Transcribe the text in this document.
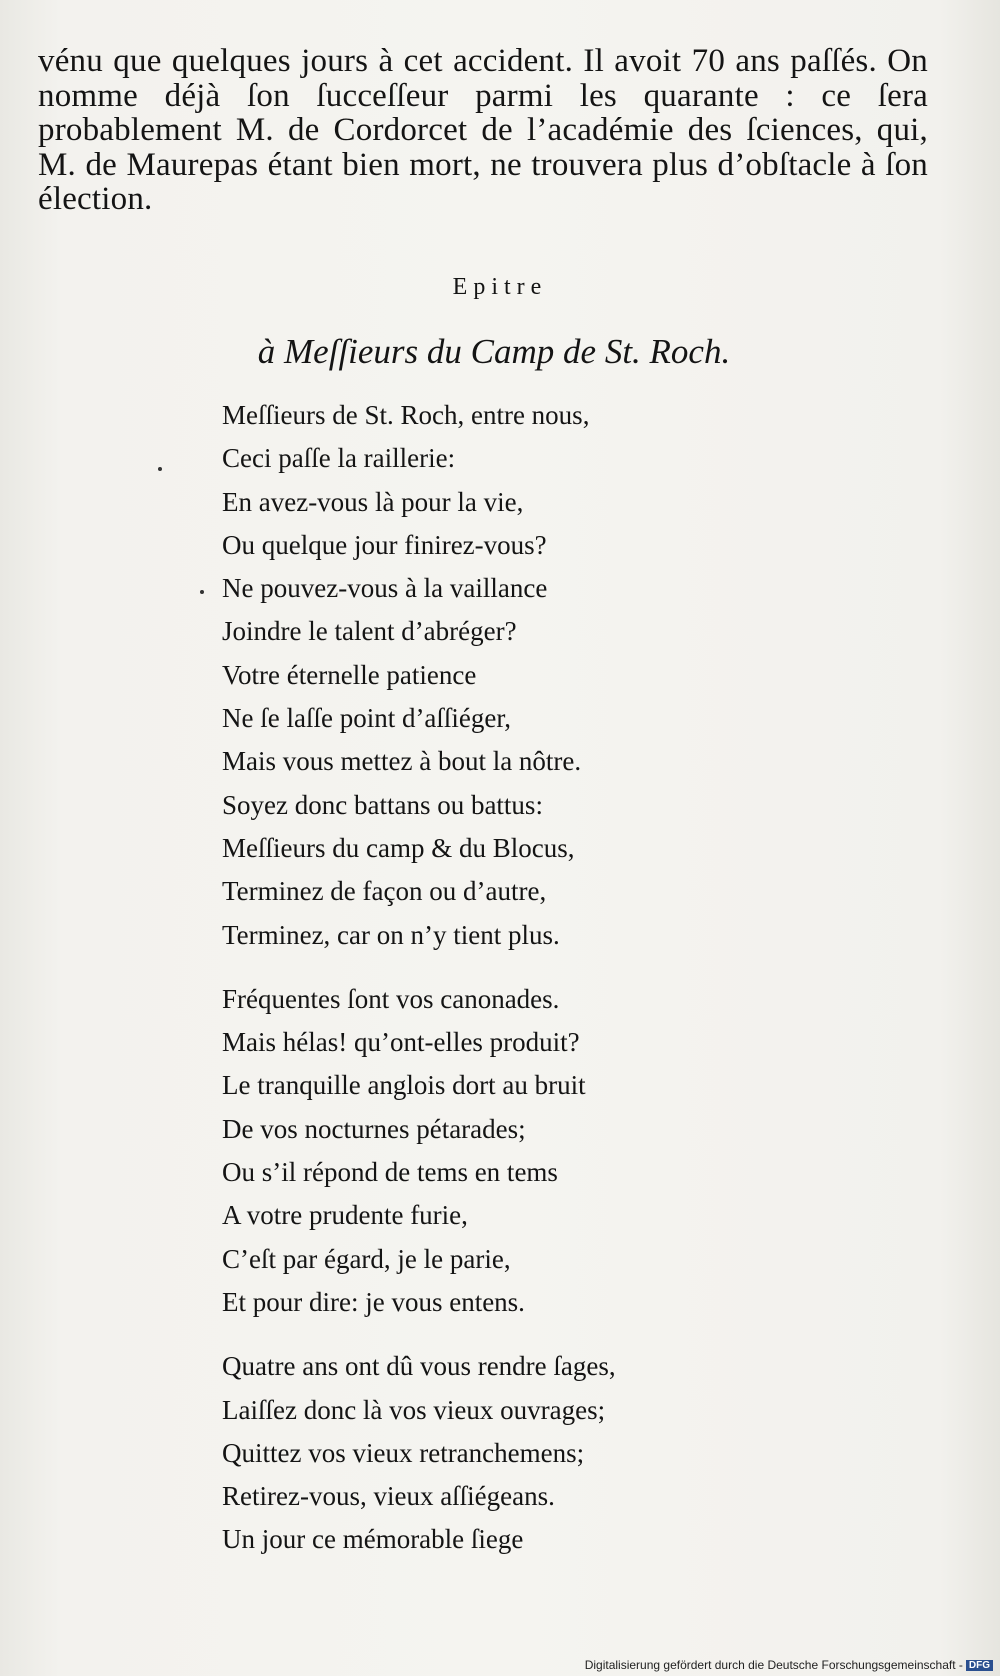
vénu que quelques jours à cet accident. Il avoit 70 ans paſſés. On nomme déjà ſon ſucceſſeur parmi les quarante : ce ſera probablement M. de Cordorcet de l’académie des ſciences, qui, M. de Maurepas étant bien mort, ne trouvera plus d’obſtacle à ſon élection.

Epitre
à Meſſieurs du Camp de St. Roch.
Meſſieurs de St. Roch, entre nous,
Ceci paſſe la raillerie:
En avez-vous là pour la vie,
Ou quelque jour finirez-vous?
Ne pouvez-vous à la vaillance
Joindre le talent d’abréger?
Votre éternelle patience
Ne ſe laſſe point d’aſſiéger,
Mais vous mettez à bout la nôtre.
Soyez donc battans ou battus:
Meſſieurs du camp & du Blocus,
Terminez de façon ou d’autre,
Terminez, car on n’y tient plus.
Fréquentes ſont vos canonades.
Mais hélas! qu’ont-elles produit?
Le tranquille anglois dort au bruit
De vos nocturnes pétarades;
Ou s’il répond de tems en tems
A votre prudente furie,
C’eſt par égard, je le parie,
Et pour dire: je vous entens.
Quatre ans ont dû vous rendre ſages,
Laiſſez donc là vos vieux ouvrages;
Quittez vos vieux retranchemens;
Retirez-vous, vieux aſſiégeans.
Un jour ce mémorable ſiege
Digitalisierung gefördert durch die Deutsche Forschungsgemeinschaft - DFG
